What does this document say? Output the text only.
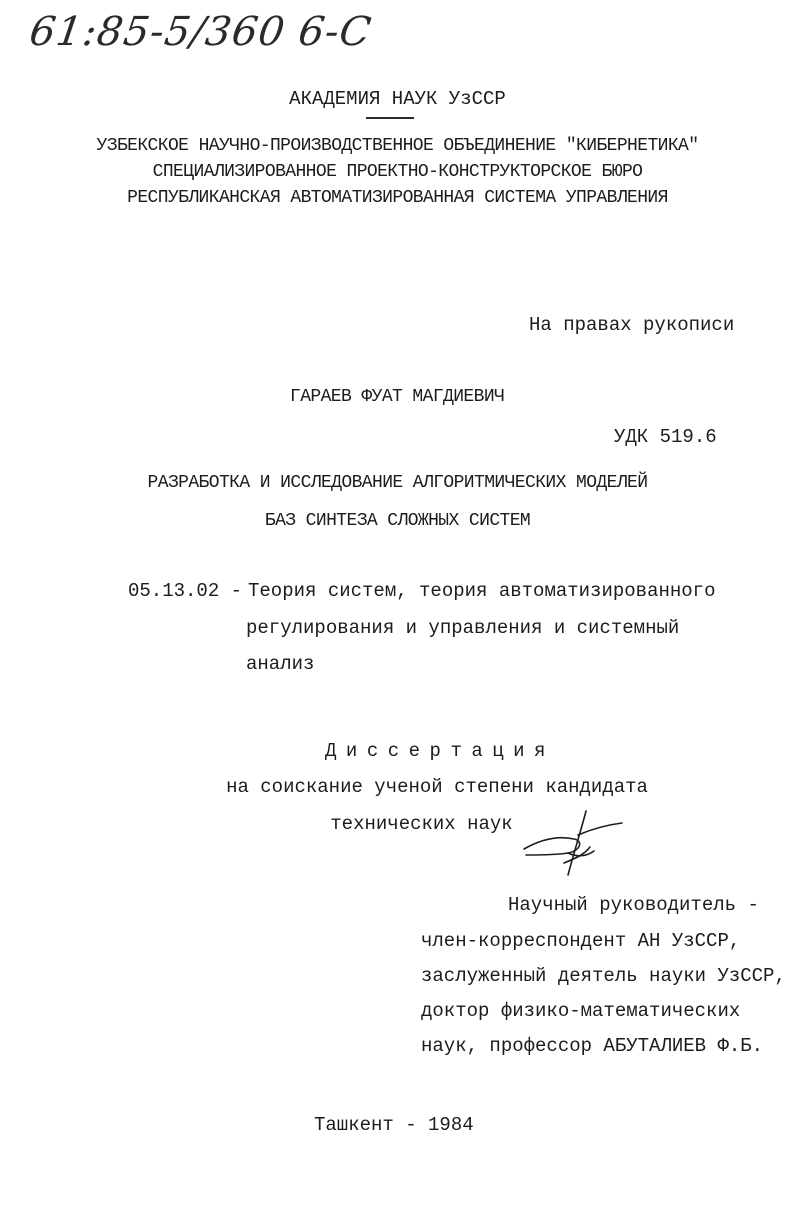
61:85-5/360 6-C

АКАДЕМИЯ НАУК УзССР

УЗБЕКСКОЕ НАУЧНО-ПРОИЗВОДСТВЕННОЕ ОБЪЕДИНЕНИЕ "КИБЕРНЕТИКА"

СПЕЦИАЛИЗИРОВАННОЕ ПРОЕКТНО-КОНСТРУКТОРСКОЕ БЮРО

РЕСПУБЛИКАНСКАЯ АВТОМАТИЗИРОВАННАЯ СИСТЕМА УПРАВЛЕНИЯ

На правах рукописи

ГАРАЕВ ФУАТ МАГДИЕВИЧ

УДК 519.6

РАЗРАБОТКА И ИССЛЕДОВАНИЕ АЛГОРИТМИЧЕСКИХ МОДЕЛЕЙ

БАЗ СИНТЕЗА СЛОЖНЫХ СИСТЕМ

05.13.02 - Теория систем, теория автоматизированного

регулирования и управления и системный

анализ

Диссертация

на соискание ученой степени кандидата

технических наук

Научный руководитель -

член-корреспондент АН УзССР,

заслуженный деятель науки УзССР,

доктор физико-математических

наук, профессор АБУТАЛИЕВ Ф.Б.

Ташкент - 1984
